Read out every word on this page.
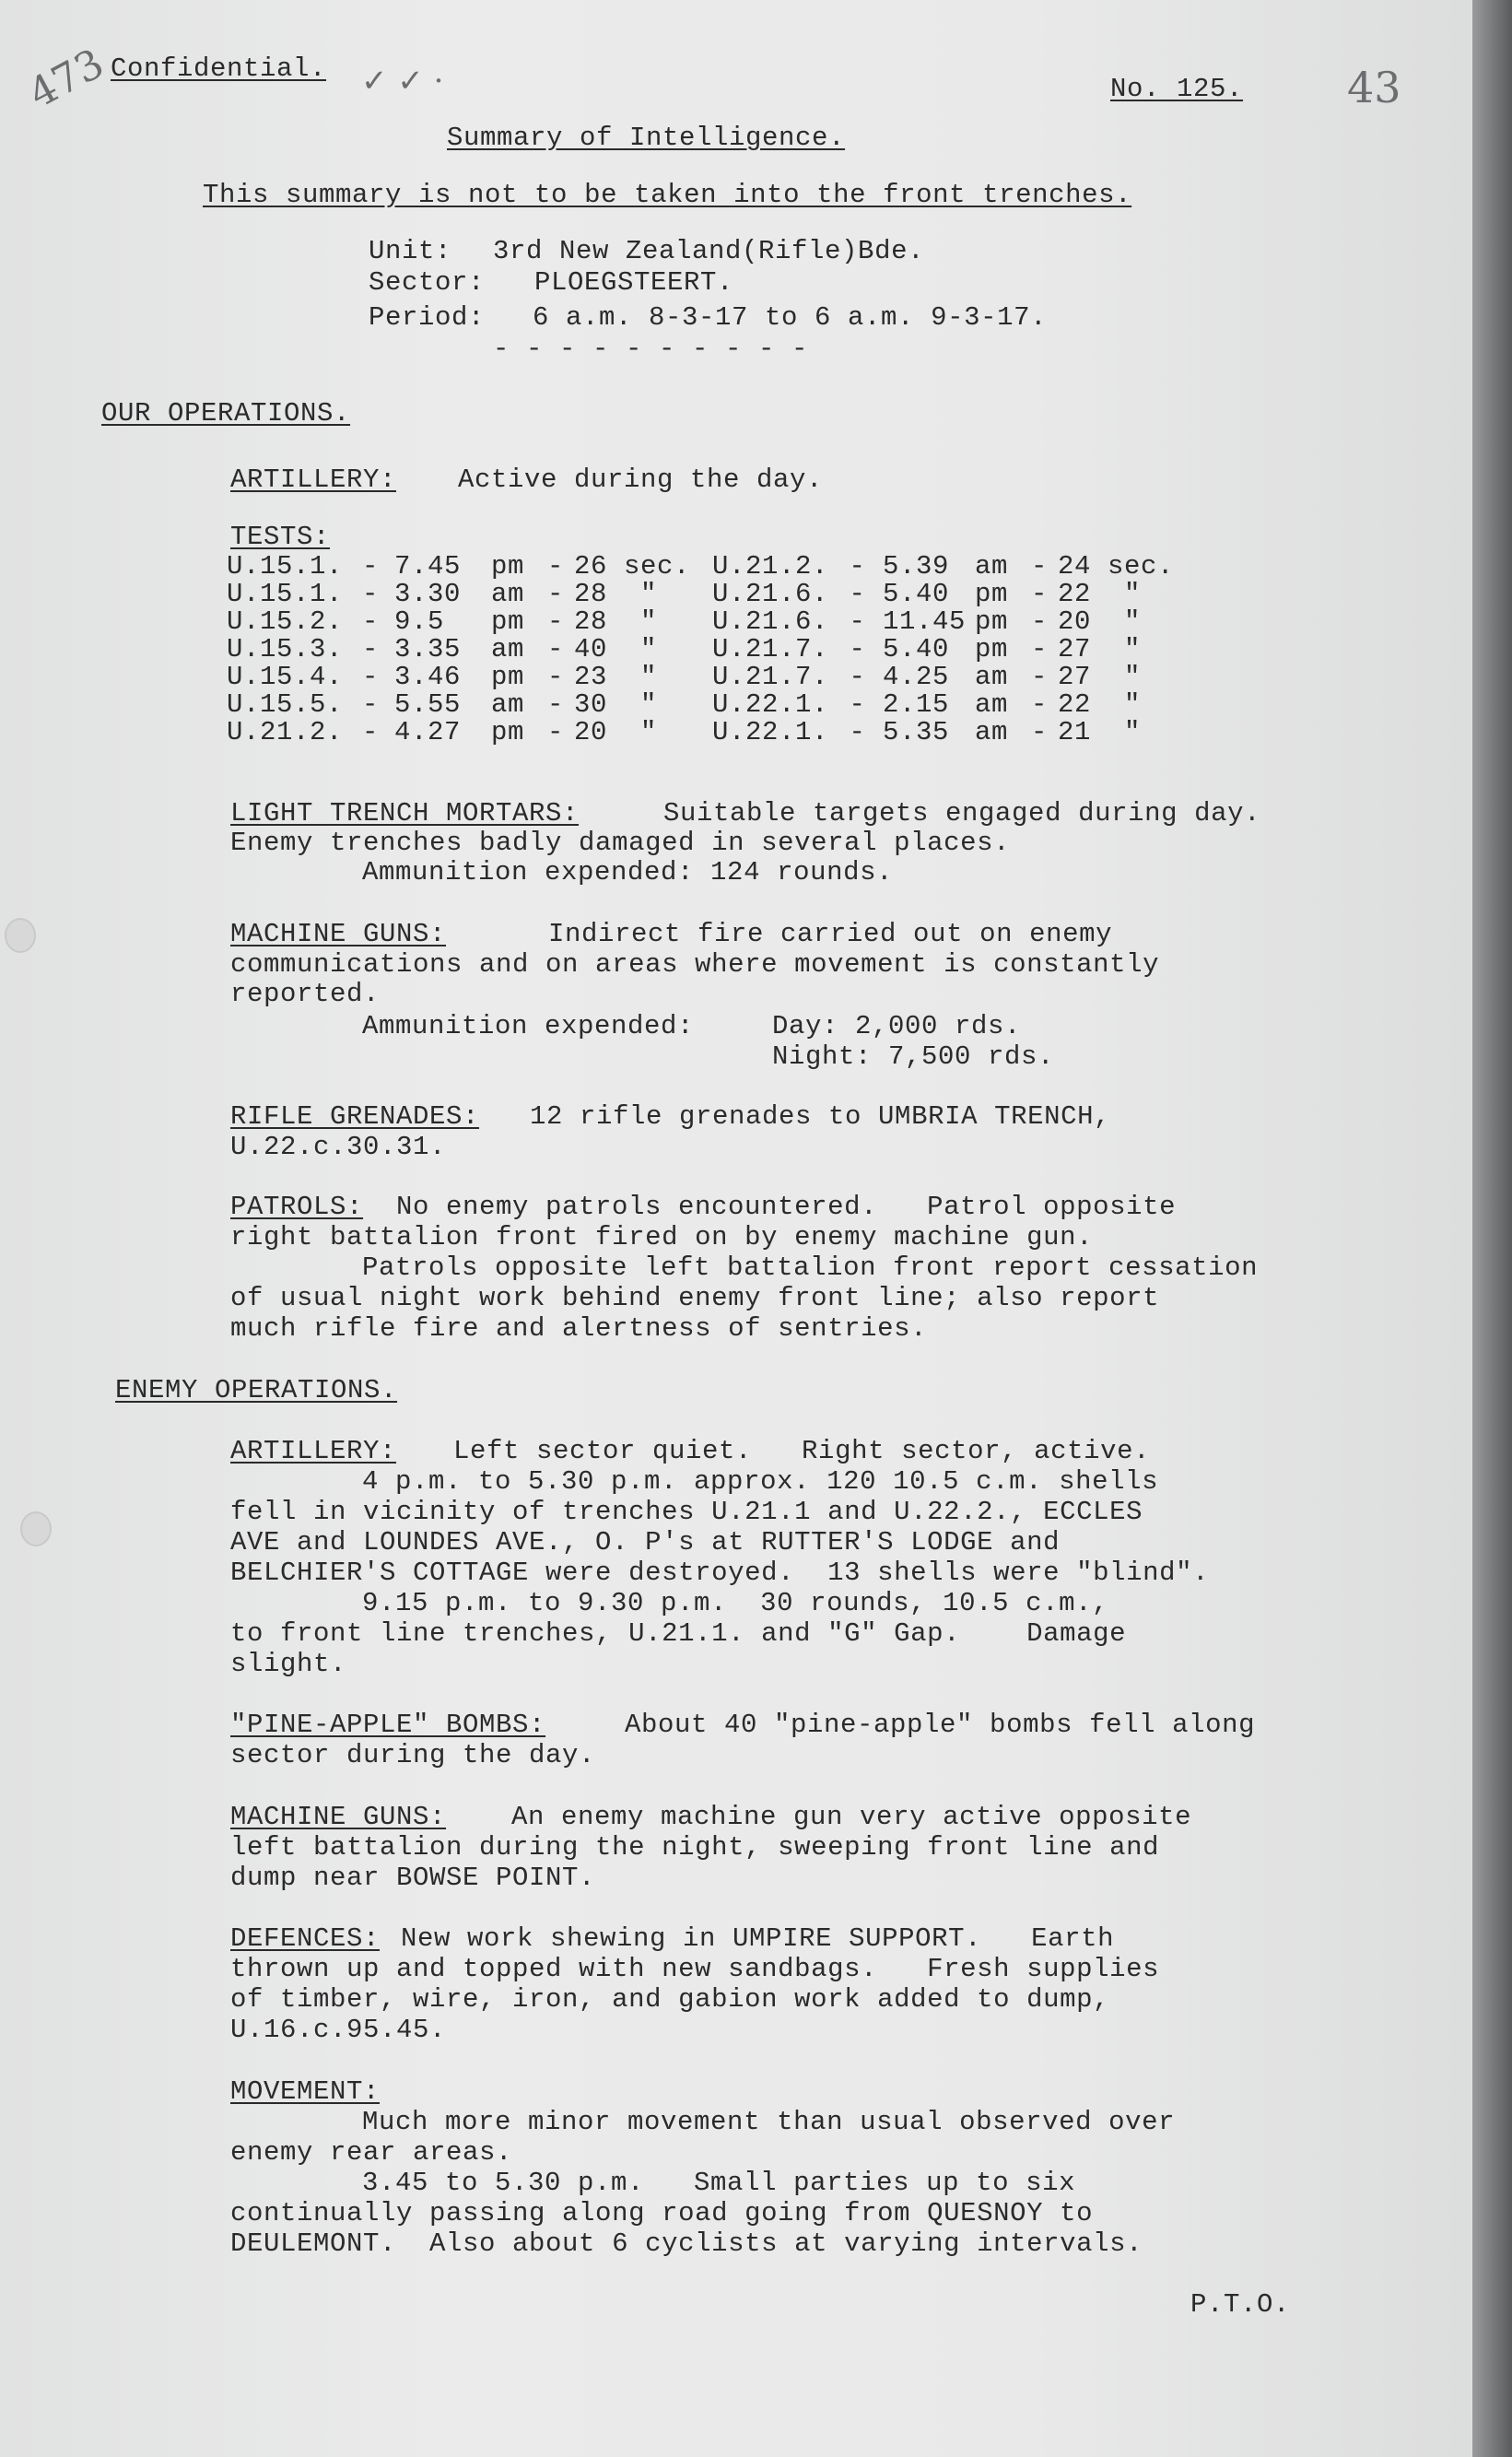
473	✓ ✓ ·	43
Confidential.
No. 125.
Summary of Intelligence.
This summary is not to be taken into the front trenches.
Unit: 3rd New Zealand(Rifle)Bde.
Sector: PLOEGSTEERT.
Period: 6 a.m. 8-3-17 to 6 a.m. 9-3-17.
- - - - - - - - - -
OUR OPERATIONS.
ARTILLERY: Active during the day.
TESTS:
U.15.1.	-	7.45	pm	-	26 sec.	U.21.2.	-	5.39	am	-	24 sec.
U.15.1.	-	3.30	am	-	28  "	U.21.6.	-	5.40	pm	-	22  "
U.15.2.	-	9.5	pm	-	28  "	U.21.6.	-	11.45	pm	-	20  "
U.15.3.	-	3.35	am	-	40  "	U.21.7.	-	5.40	pm	-	27  "
U.15.4.	-	3.46	pm	-	23  "	U.21.7.	-	4.25	am	-	27  "
U.15.5.	-	5.55	am	-	30  "	U.22.1.	-	2.15	am	-	22  "
U.21.2.	-	4.27	pm	-	20  "	U.22.1.	-	5.35	am	-	21  "
LIGHT TRENCH MORTARS:	Suitable targets engaged during day.
Enemy trenches badly damaged in several places.
Ammunition expended: 124 rounds.
MACHINE GUNS:	Indirect fire carried out on enemy
communications and on areas where movement is constantly
reported.
Ammunition expended:	Day: 2,000 rds.
Night: 7,500 rds.
RIFLE GRENADES: 12 rifle grenades to UMBRIA TRENCH,
U.22.c.30.31.
PATROLS: No enemy patrols encountered.   Patrol opposite
right battalion front fired on by enemy machine gun.
Patrols opposite left battalion front report cessation
of usual night work behind enemy front line; also report
much rifle fire and alertness of sentries.
ENEMY OPERATIONS.
ARTILLERY: Left sector quiet.   Right sector, active.
4 p.m. to 5.30 p.m. approx. 120 10.5 c.m. shells
fell in vicinity of trenches U.21.1 and U.22.2., ECCLES
AVE and LOUNDES AVE., O. P's at RUTTER'S LODGE and
BELCHIER'S COTTAGE were destroyed.  13 shells were "blind".
9.15 p.m. to 9.30 p.m.  30 rounds, 10.5 c.m.,
to front line trenches, U.21.1. and "G" Gap.    Damage
slight.
"PINE-APPLE" BOMBS:	About 40 "pine-apple" bombs fell along
sector during the day.
MACHINE GUNS: An enemy machine gun very active opposite
left battalion during the night, sweeping front line and
dump near BOWSE POINT.
DEFENCES: New work shewing in UMPIRE SUPPORT.   Earth
thrown up and topped with new sandbags.   Fresh supplies
of timber, wire, iron, and gabion work added to dump,
U.16.c.95.45.
MOVEMENT:
Much more minor movement than usual observed over
enemy rear areas.
3.45 to 5.30 p.m.   Small parties up to six
continually passing along road going from QUESNOY to
DEULEMONT.  Also about 6 cyclists at varying intervals.
P.T.O.
